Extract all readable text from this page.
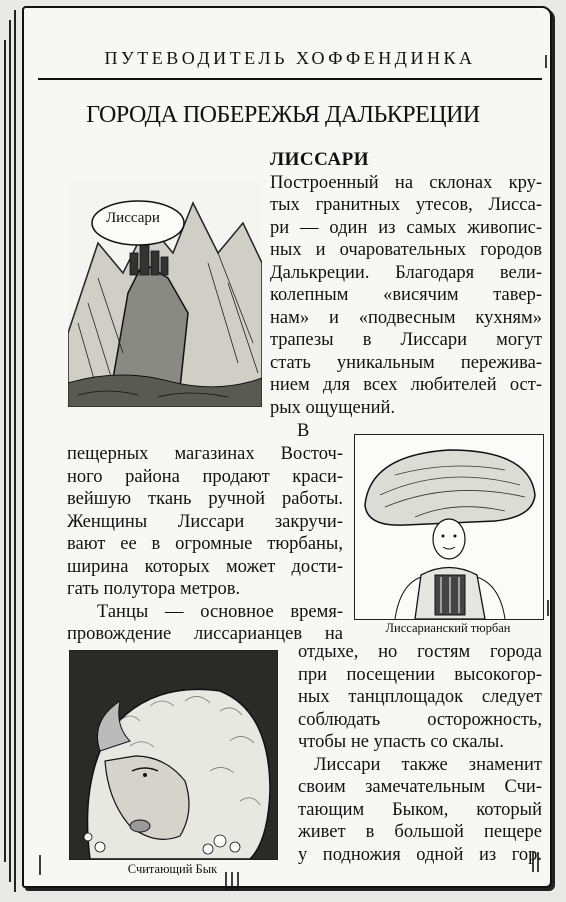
ПУТЕВОДИТЕЛЬ ХОФФЕНДИНКА
ГОРОДА ПОБЕРЕЖЬЯ ДАЛЬКРЕЦИИ
Лиссари
ЛИССАРИ
Построенный на склонах кру-
тых гранитных утесов, Лисса-
ри — один из самых живопис-
ных и очаровательных городов
Далькреции. Благодаря вели-
колепным «висячим тавер-
нам» и «подвесным кухням»
трапезы в Лиссари могут
стать уникальным пережива-
нием для всех любителей ост-
рых ощущений.
В
пещерных магазинах Восточ-
ного района продают краси-
вейшую ткань ручной работы.
Женщины Лиссари закручи-
вают ее в огромные тюрбаны,
ширина которых может дости-
гать полутора метров.
Танцы — основное время-
провождение лиссарианцев на	Лиссарианский тюрбан
Считающий Бык
отдыхе, но гостям города
при посещении высокогор-
ных танцплощадок следует
соблюдать осторожность,
чтобы не упасть со скалы.
Лиссари также знаменит
своим замечательным Счи-
тающим Быком, который
живет в большой пещере
у подножия одной из гор.
